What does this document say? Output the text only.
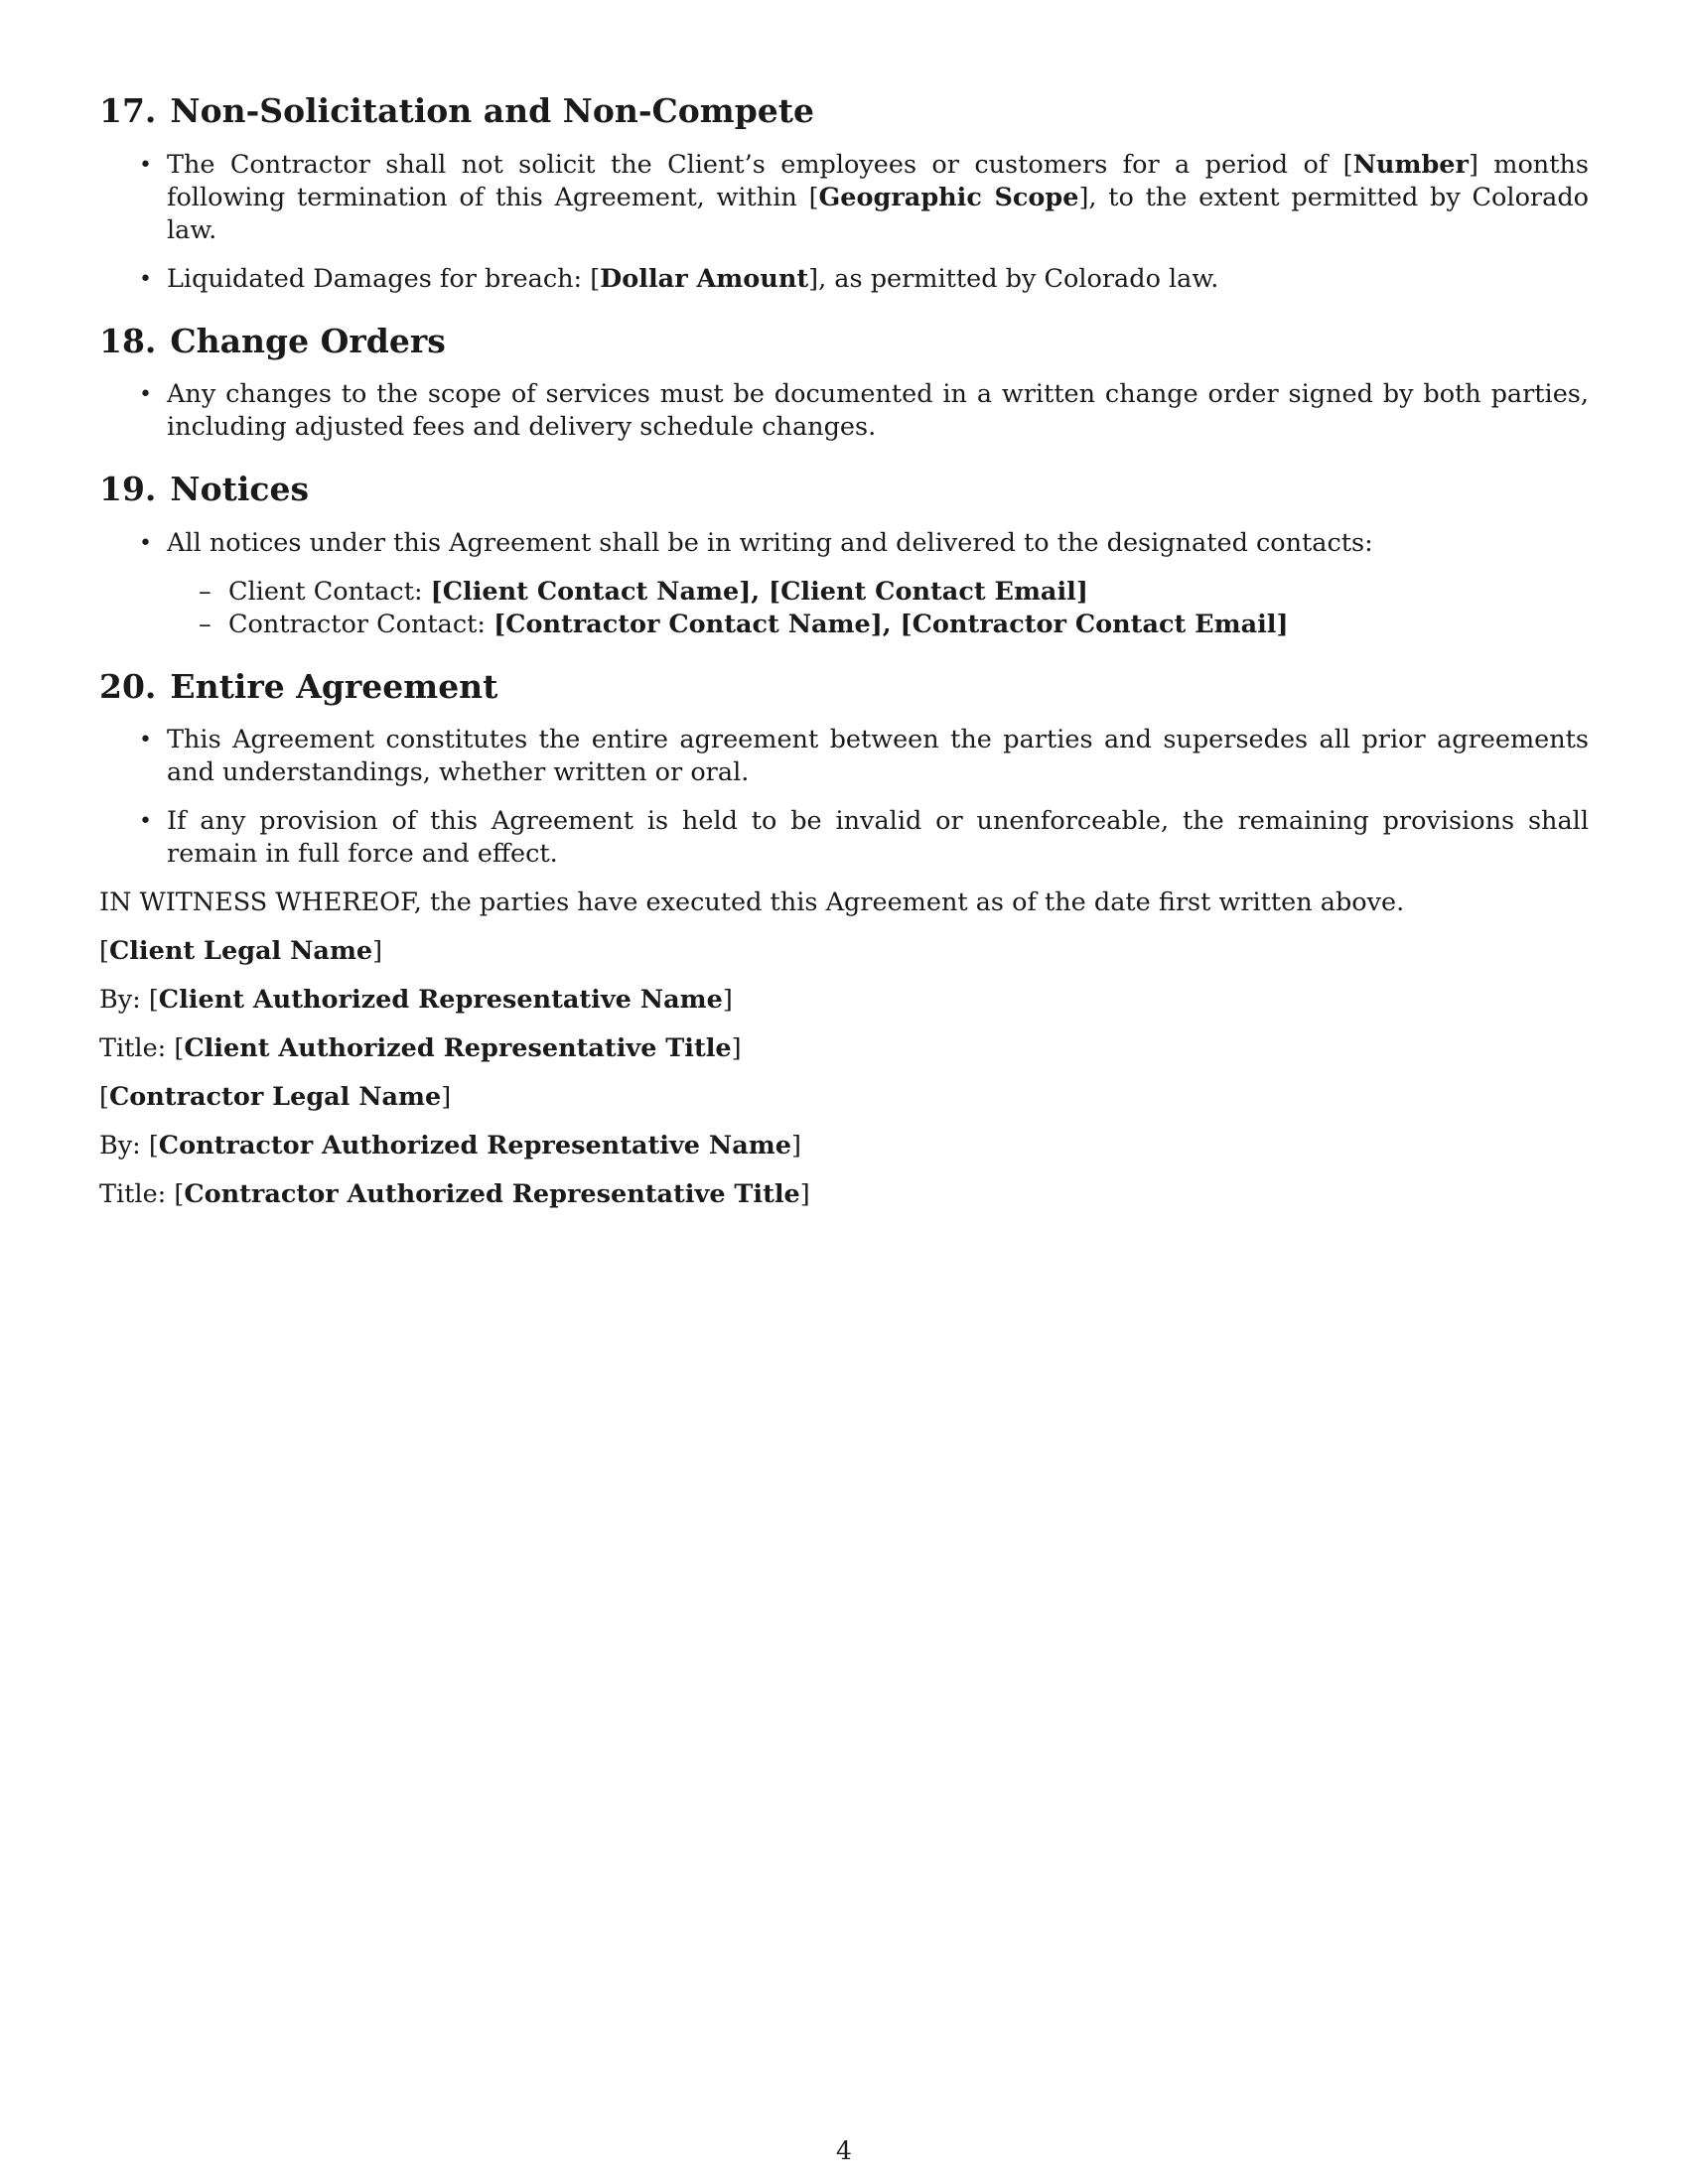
17. Non-Solicitation and Non-Compete
• The Contractor shall not solicit the Client’s employees or customers for a period of [Number] months following termination of this Agreement, within [Geographic Scope], to the extent permitted by Colorado law.
• Liquidated Damages for breach: [Dollar Amount], as permitted by Colorado law.
18. Change Orders
• Any changes to the scope of services must be documented in a written change order signed by both parties, including adjusted fees and delivery schedule changes.
19. Notices
• All notices under this Agreement shall be in writing and delivered to the designated contacts:
– Client Contact: [Client Contact Name], [Client Contact Email]
– Contractor Contact: [Contractor Contact Name], [Contractor Contact Email]
20. Entire Agreement
• This Agreement constitutes the entire agreement between the parties and supersedes all prior agreements and understandings, whether written or oral.
• If any provision of this Agreement is held to be invalid or unenforceable, the remaining provisions shall remain in full force and effect.

IN WITNESS WHEREOF, the parties have executed this Agreement as of the date first written above.

[Client Legal Name]

By: [Client Authorized Representative Name]

Title: [Client Authorized Representative Title]

[Contractor Legal Name]

By: [Contractor Authorized Representative Name]

Title: [Contractor Authorized Representative Title]

4
